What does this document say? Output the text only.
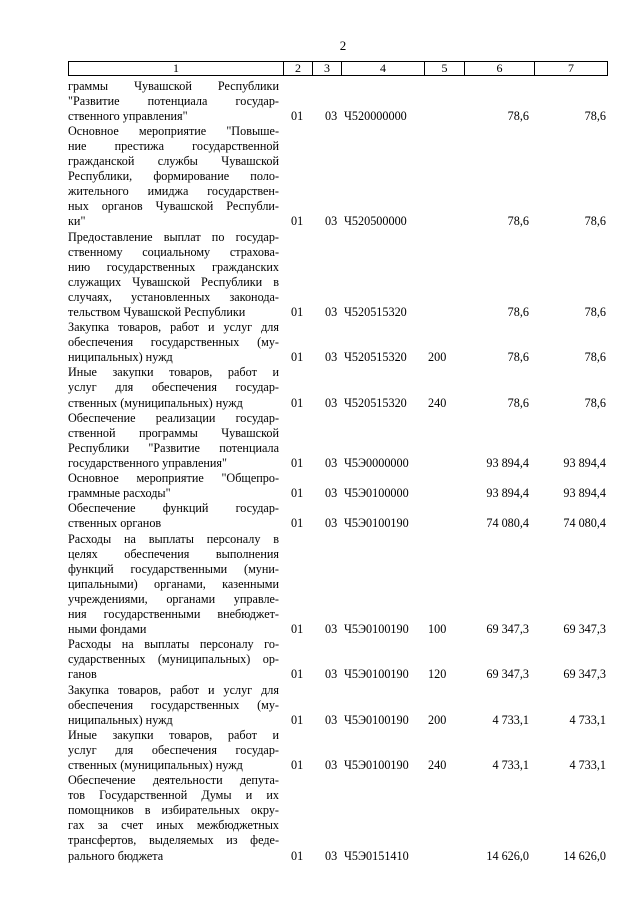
2
1	2	3	4	5	6	7
граммы Чувашской Республики
"Развитие потенциала государ-
ственного управления"	01 03 Ч520000000	78,6	78,6
Основное мероприятие "Повыше-
ние престижа государственной
гражданской службы Чувашской
Республики, формирование поло-
жительного имиджа государствен-
ных органов Чувашской Республи-
ки"	01 03 Ч520500000	78,6	78,6
Предоставление выплат по государ-
ственному социальному страхова-
нию государственных гражданских
служащих Чувашской Республики в
случаях, установленных законода-
тельством Чувашской Республики	01 03 Ч520515320	78,6	78,6
Закупка товаров, работ и услуг для
обеспечения государственных (му-
ниципальных) нужд	01 03 Ч520515320 200	78,6	78,6
Иные закупки товаров, работ и
услуг для обеспечения государ-
ственных (муниципальных) нужд	01 03 Ч520515320 240	78,6	78,6
Обеспечение реализации государ-
ственной программы Чувашской
Республики "Развитие потенциала
государственного управления"	01 03 Ч5Э0000000	93 894,4	93 894,4
Основное мероприятие "Общепро-
граммные расходы"	01 03 Ч5Э0100000	93 894,4	93 894,4
Обеспечение функций государ-
ственных органов	01 03 Ч5Э0100190	74 080,4	74 080,4
Расходы на выплаты персоналу в
целях обеспечения выполнения
функций государственными (муни-
ципальными) органами, казенными
учреждениями, органами управле-
ния государственными внебюджет-
ными фондами	01 03 Ч5Э0100190 100	69 347,3	69 347,3
Расходы на выплаты персоналу го-
сударственных (муниципальных) ор-
ганов	01 03 Ч5Э0100190 120	69 347,3	69 347,3
Закупка товаров, работ и услуг для
обеспечения государственных (му-
ниципальных) нужд	01 03 Ч5Э0100190 200	4 733,1	4 733,1
Иные закупки товаров, работ и
услуг для обеспечения государ-
ственных (муниципальных) нужд	01 03 Ч5Э0100190 240	4 733,1	4 733,1
Обеспечение деятельности депута-
тов Государственной Думы и их
помощников в избирательных окру-
гах за счет иных межбюджетных
трансфертов, выделяемых из феде-
рального бюджета	01 03 Ч5Э0151410	14 626,0	14 626,0
